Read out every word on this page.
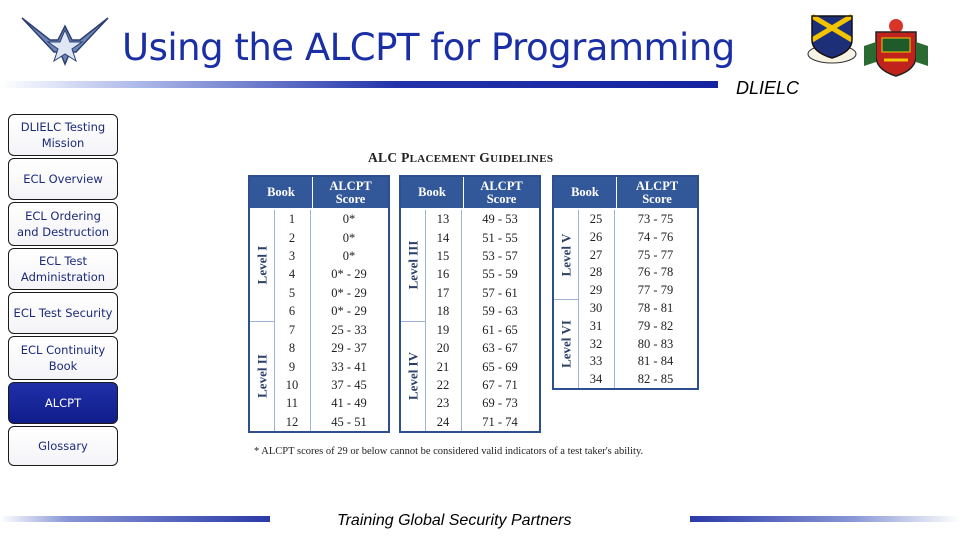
Using the ALCPT for Programming
DLIELC
DLIELC Testing Mission
ECL Overview
ECL Ordering and Destruction
ECL Test Administration
ECL Test Security
ECL Continuity Book
ALCPT
Glossary
ALC PLACEMENT GUIDELINES
Book	ALCPT
Score
Level I
1	0*
2	0*
3	0*
4	0* - 29
5	0* - 29
6	0* - 29
Level II
7	25 - 33
8	29 - 37
9	33 - 41
10	37 - 45
11	41 - 49
12	45 - 51
Book	ALCPT
Score
Level III
13	49 - 53
14	51 - 55
15	53 - 57
16	55 - 59
17	57 - 61
18	59 - 63
Level IV
19	61 - 65
20	63 - 67
21	65 - 69
22	67 - 71
23	69 - 73
24	71 - 74
Book	ALCPT
Score
Level V
25	73 - 75
26	74 - 76
27	75 - 77
28	76 - 78
29	77 - 79
Level VI
30	78 - 81
31	79 - 82
32	80 - 83
33	81 - 84
34	82 - 85
* ALCPT scores of 29 or below cannot be considered valid indicators of a test taker's ability.
Training Global Security Partners
